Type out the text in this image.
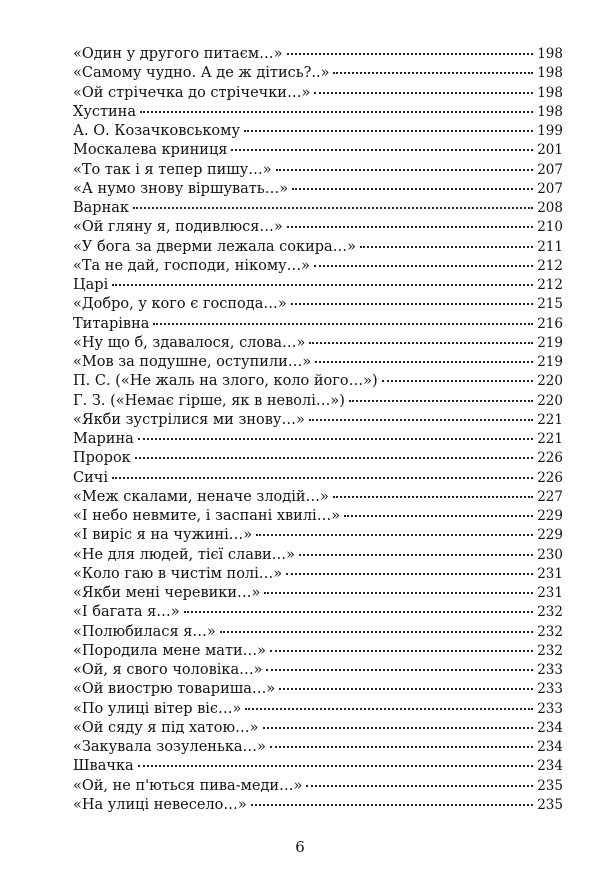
«Один у другого питаєм…»	198
«Самому чудно. А де ж дітись?..»	198
«Ой стрічечка до стрічечки…»	198
Хустина	198
А. О. Козачковському	199
Москалева криниця	201
«То так і я тепер пишу…»	207
«А нумо знову віршувать…»	207
Варнак	208
«Ой гляну я, подивлюся…»	210
«У бога за дверми лежала сокира…»	211
«Та не дай, господи, нікому…»	212
Царі	212
«Добро, у кого є господа…»	215
Титарівна	216
«Ну що б, здавалося, слова…»	219
«Мов за подушне, оступили…»	219
П. С. («Не жаль на злого, коло його…»)	220
Г. З. («Немає гірше, як в неволі…»)	220
«Якби зустрілися ми знову…»	221
Марина	221
Пророк	226
Сичі	226
«Меж скалами, неначе злодій…»	227
«І небо невмите, і заспані хвилі…»	229
«І виріс я на чужині…»	229
«Не для людей, тієї слави…»	230
«Коло гаю в чистім полі…»	231
«Якби мені черевики…»	231
«І багата я…»	232
«Полюбилася я…»	232
«Породила мене мати…»	232
«Ой, я свого чоловіка…»	233
«Ой виострю товариша…»	233
«По улиці вітер віє…»	233
«Ой сяду я під хатою…»	234
«Закувала зозуленька…»	234
Швачка	234
«Ой, не п'ються пива-меди…»	235
«На улиці невесело…»	235
6
